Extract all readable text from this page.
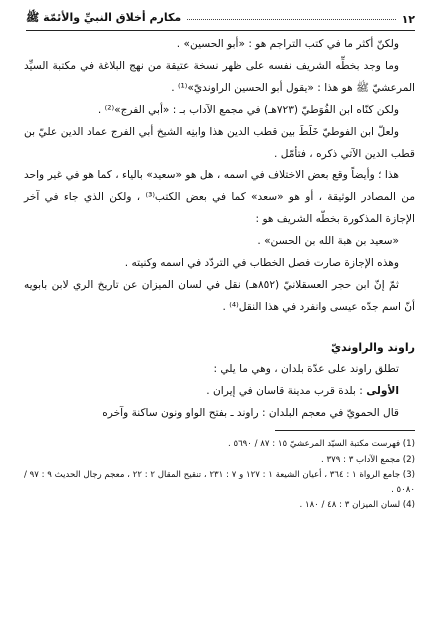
١٢
مكارم أخلاق النبيِّ والأئمّة ﷺ

ولكنّ أكثر ما في كتب التراجم هو : «أبو الحسين» .

وما وجد بخطِّه الشريف نفسه على ظهر نسخة عتيقة من نهج البلاغة في مكتبة السيِّد المرعشيّ ﷺ هو هذا : «يقول أبو الحسين الراونديّ»⁽¹⁾ .

ولكن كنّاه ابن الفُوَطيّ (٧٢٣هـ) في مجمع الآداب بـ : «أبي الفرج»⁽²⁾ .

ولعلّ ابن الفوطيّ خَلَطَ بين قطب الدين هذا وابنِه الشيخ أبي الفرج عماد الدين عليّ بن قطب الدين الآتي ذكره ، فتأمّل .

هذا ؛ وأيضاً وقع بعض الاختلاف في اسمه ، هل هو «سعيد» بالياء ، كما هو في غير واحد من المصادر الوثيقة ، أو هو «سعد» كما في بعض الكتب⁽³⁾ ، ولكن الذي جاء في آخر الإجازة المذكورة بخطّه الشريف هو :

«سعيد بن هبة الله بن الحسن» .

وهذه الإجازة صارت فصل الخطاب في التردّد في اسمه وكنيته .

ثمّ إنّ ابن حجر العسقلانيّ (٨٥٢هـ) نقل في لسان الميزان عن تاريخ الري لابن بابويه أنّ اسم جدّه عيسى وانفرد في هذا النقل⁽⁴⁾ .

راوند والراونديّ

تطلق راوند على عدّة بلدان ، وهي ما يلي :

الأولى : بلدة قرب مدينة قاسان في إيران .

قال الحمويّ في معجم البلدان : راوند ـ بفتح الواو ونون ساكنة وآخره

(1) فهرست مكتبة السيّد المرعشيّ ١٥ : ٨٧ / ٥٦٩٠ .

(2) مجمع الآداب ٣ : ٣٧٩ .

(3) جامع الرواة ١ : ٣٦٤ ، أعيان الشيعة ١ : ١٢٧ و ٧ : ٢٣١ ، تنقيح المقال ٢ : ٢٢ ، معجم رجال الحديث ٩ : ٩٧ / ٥٠٨٠ .

(4) لسان الميزان ٣ : ٤٨ / ١٨٠ .
